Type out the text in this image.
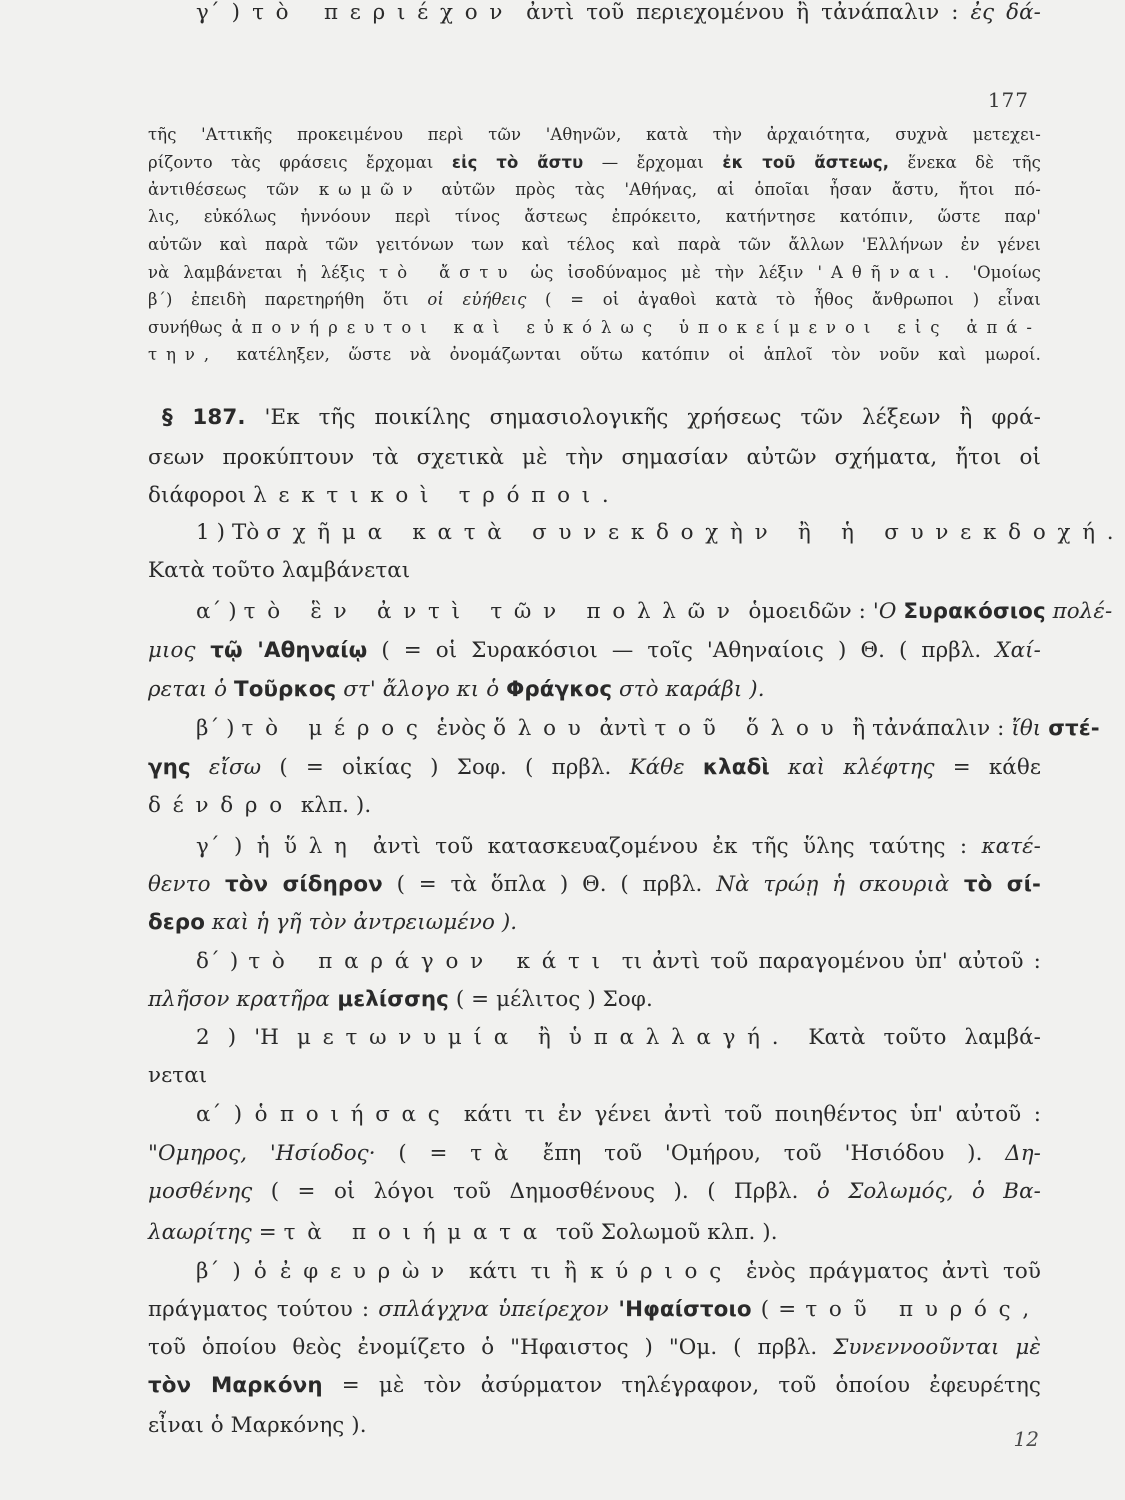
177
τῆς 'Αττικῆς προκειμένου περὶ τῶν 'Αθηνῶν, κατὰ τὴν ἀρχαιότητα, συχνὰ μετεχει-
ρίζοντο τὰς φράσεις ἔρχομαι εἰς τὸ ἄστυ — ἔρχομαι ἐκ τοῦ ἄστεως, ἕνεκα δὲ τῆς
ἀντιθέσεως τῶν κωμῶν αὐτῶν πρὸς τὰς 'Αθήνας, αἱ ὁποῖαι ἦσαν ἄστυ, ἤτοι πό-
λις, εὐκόλως ἠννόουν περὶ τίνος ἄστεως ἐπρόκειτο, κατήντησε κατόπιν, ὥστε παρ'
αὐτῶν καὶ παρὰ τῶν γειτόνων των καὶ τέλος καὶ παρὰ τῶν ἄλλων 'Ελλήνων ἐν γένει
νὰ λαμβάνεται ἡ λέξις τὸ ἄστυ ὡς ἰσοδύναμος μὲ τὴν λέξιν 'Αθῆναι. 'Ομοίως
β΄) ἐπειδὴ παρετηρήθη ὅτι οἱ εὐήθεις ( = οἱ ἀγαθοὶ κατὰ τὸ ἦθος ἄνθρωποι ) εἶναι
συνήθως ἀπονήρευτοι καὶ εὐκόλως ὑποκείμενοι εἰς ἀπά-
την, κατέληξεν, ὥστε νὰ ὀνομάζωνται οὕτω κατόπιν οἱ ἁπλοῖ τὸν νοῦν καὶ μωροί.
§ 187. 'Εκ τῆς ποικίλης σημασιολογικῆς χρήσεως τῶν λέξεων ἢ φρά-
σεων προκύπτουν τὰ σχετικὰ μὲ τὴν σημασίαν αὐτῶν σχήματα, ἤτοι οἱ
διάφοροι λεκτικοὶ τρόποι.
1 ) Τὸ σχῆμα κατὰ συνεκδοχὴν ἢ ἡ συνεκδοχή.
Κατὰ τοῦτο λαμβάνεται
α΄ ) τὸ ἓν ἀντὶ τῶν πολλῶν ὁμοειδῶν : 'Ο Συρακόσιος πολέ-
μιος τῷ 'Αθηναίῳ ( = οἱ Συρακόσιοι — τοῖς 'Αθηναίοις ) Θ. ( πρβλ. Χαί-
ρεται ὁ Τοῦρκος στ' ἄλογο κι ὁ Φράγκος στὸ καράβι ).
β΄ ) τὸ μέρος ἑνὸς ὅλου ἀντὶ τοῦ ὅλου ἢ τἀνάπαλιν : ἴθι στέ-
γης εἴσω ( = οἰκίας ) Σοφ. ( πρβλ. Κάθε κλαδὶ καὶ κλέφτης = κάθε
δένδρο κλπ. ).
γ΄ ) ἡ ὕλη ἀντὶ τοῦ κατασκευαζομένου ἐκ τῆς ὕλης ταύτης : κατέ-
θεντο τὸν σίδηρον ( = τὰ ὅπλα ) Θ. ( πρβλ. Νὰ τρώῃ ἡ σκουριὰ τὸ σί-
δερο καὶ ἡ γῆ τὸν ἀντρειωμένο ).
δ΄ ) τὸ παράγον κάτι τι ἀντὶ τοῦ παραγομένου ὑπ' αὐτοῦ :
πλῆσον κρατῆρα μελίσσης ( = μέλιτος ) Σοφ.
2 ) 'Η μετωνυμία ἢ ὑπαλλαγή. Κατὰ τοῦτο λαμβά-
νεται
α΄ ) ὁ ποιήσας κάτι τι ἐν γένει ἀντὶ τοῦ ποιηθέντος ὑπ' αὐτοῦ :
"Ομηρος, 'Ησίοδος· ( = τὰ ἔπη τοῦ 'Ομήρου, τοῦ 'Ησιόδου ). Δη-
μοσθένης ( = οἱ λόγοι τοῦ Δημοσθένους ). ( Πρβλ. ὁ Σολωμός, ὁ Βα-
λαωρίτης = τὰ ποιήματα τοῦ Σολωμοῦ κλπ. ).
β΄ ) ὁ ἐφευρὼν κάτι τι ἢ κύριος ἑνὸς πράγματος ἀντὶ τοῦ
πράγματος τούτου : σπλάγχνα ὑπείρεχον 'Ηφαίστοιο ( = τοῦ πυρός,
τοῦ ὁποίου θεὸς ἐνομίζετο ὁ "Ηφαιστος ) "Ομ. ( πρβλ. Συνεννοοῦνται μὲ
τὸν Μαρκόνη = μὲ τὸν ἀσύρματον τηλέγραφον, τοῦ ὁποίου ἐφευρέτης
εἶναι ὁ Μαρκόνης ).
γ΄ ) τὸ περιέχον ἀντὶ τοῦ περιεχομένου ἢ τἀνάπαλιν : ἐς δά-
12
